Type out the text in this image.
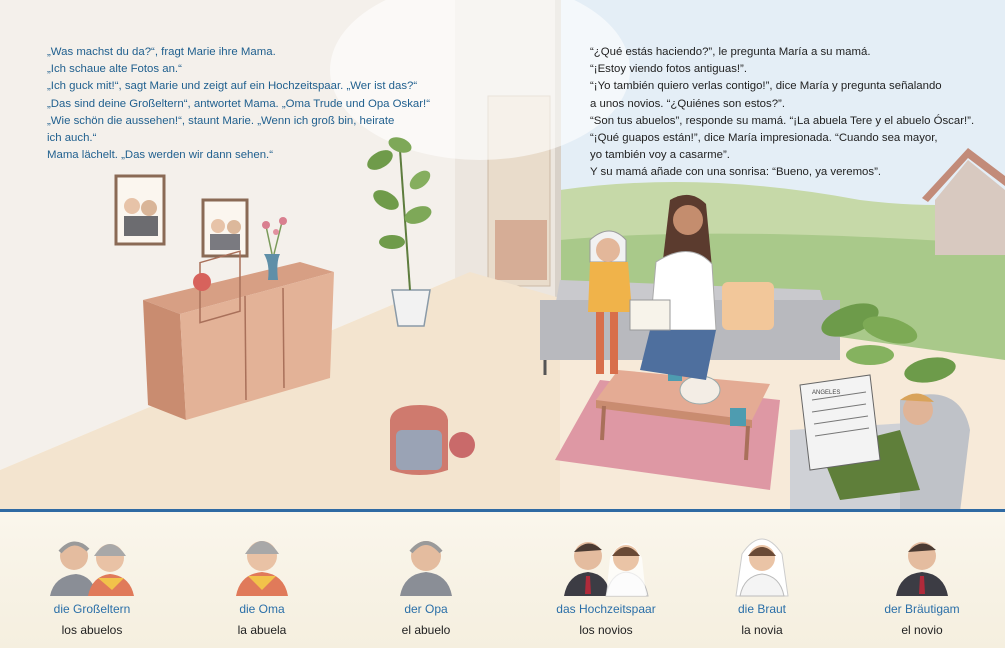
ANGELES
„Was machst du da?“, fragt Marie ihre Mama.
„Ich schaue alte Fotos an.“
„Ich guck mit!“, sagt Marie und zeigt auf ein Hochzeitspaar. „Wer ist das?“
„Das sind deine Großeltern“, antwortet Mama. „Oma Trude und Opa Oskar!“
„Wie schön die aussehen!“, staunt Marie. „Wenn ich groß bin, heirate
ich auch.“
Mama lächelt. „Das werden wir dann sehen.“
“¿Qué estás haciendo?”, le pregunta María a su mamá.
“¡Estoy viendo fotos antiguas!”.
“¡Yo también quiero verlas contigo!”, dice María y pregunta señalando
a unos novios. “¿Quiénes son estos?”.
“Son tus abuelos”, responde su mamá. “¡La abuela Tere y el abuelo Óscar!”.
“¡Qué guapos están!”, dice María impresionada. “Cuando sea mayor,
yo también voy a casarme”.
Y su mamá añade con una sonrisa: “Bueno, ya veremos”.
die Großeltern
los abuelos
die Oma
la abuela
der Opa
el abuelo
das Hochzeitspaar
los novios
die Braut
la novia
der Bräutigam
el novio
